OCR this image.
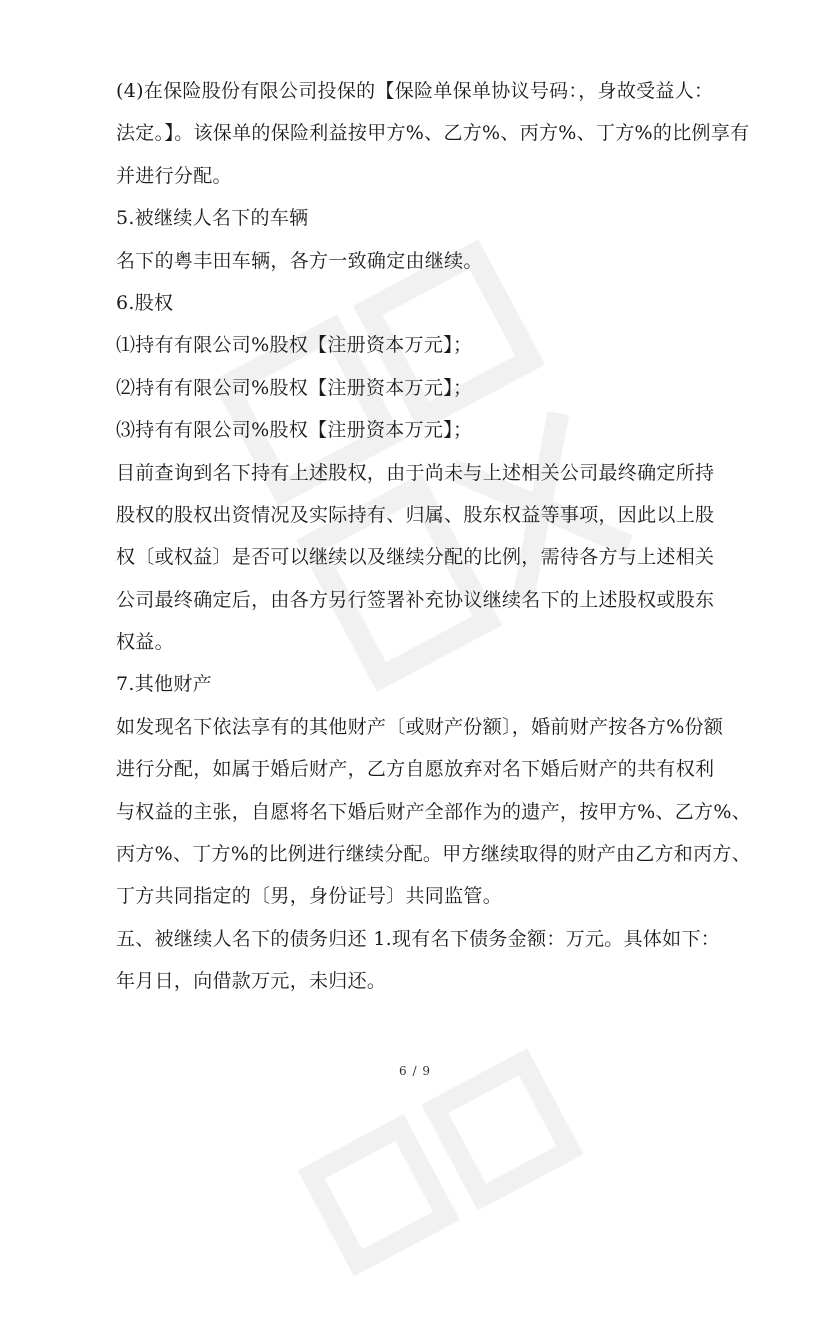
(4)在保险股份有限公司投保的【保险单保单协议号码：，身故受益人：
法定。】。该保单的保险利益按甲方%、乙方%、丙方%、丁方%的比例享有
并进行分配。
5.被继续人名下的车辆
名下的粤丰田车辆，各方一致确定由继续。
6.股权
⑴持有有限公司%股权【注册资本万元】；
⑵持有有限公司%股权【注册资本万元】；
⑶持有有限公司%股权【注册资本万元】；
目前查询到名下持有上述股权，由于尚未与上述相关公司最终确定所持
股权的股权出资情况及实际持有、归属、股东权益等事项，因此以上股
权〔或权益〕是否可以继续以及继续分配的比例，需待各方与上述相关
公司最终确定后，由各方另行签署补充协议继续名下的上述股权或股东
权益。
7.其他财产
如发现名下依法享有的其他财产〔或财产份额〕，婚前财产按各方%份额
进行分配，如属于婚后财产，乙方自愿放弃对名下婚后财产的共有权利
与权益的主张，自愿将名下婚后财产全部作为的遗产，按甲方%、乙方%、
丙方%、丁方%的比例进行继续分配。甲方继续取得的财产由乙方和丙方、
丁方共同指定的〔男，身份证号〕共同监管。
五、被继续人名下的债务归还 1.现有名下债务金额：万元。具体如下：
年月日，向借款万元，未归还。
6 / 9
